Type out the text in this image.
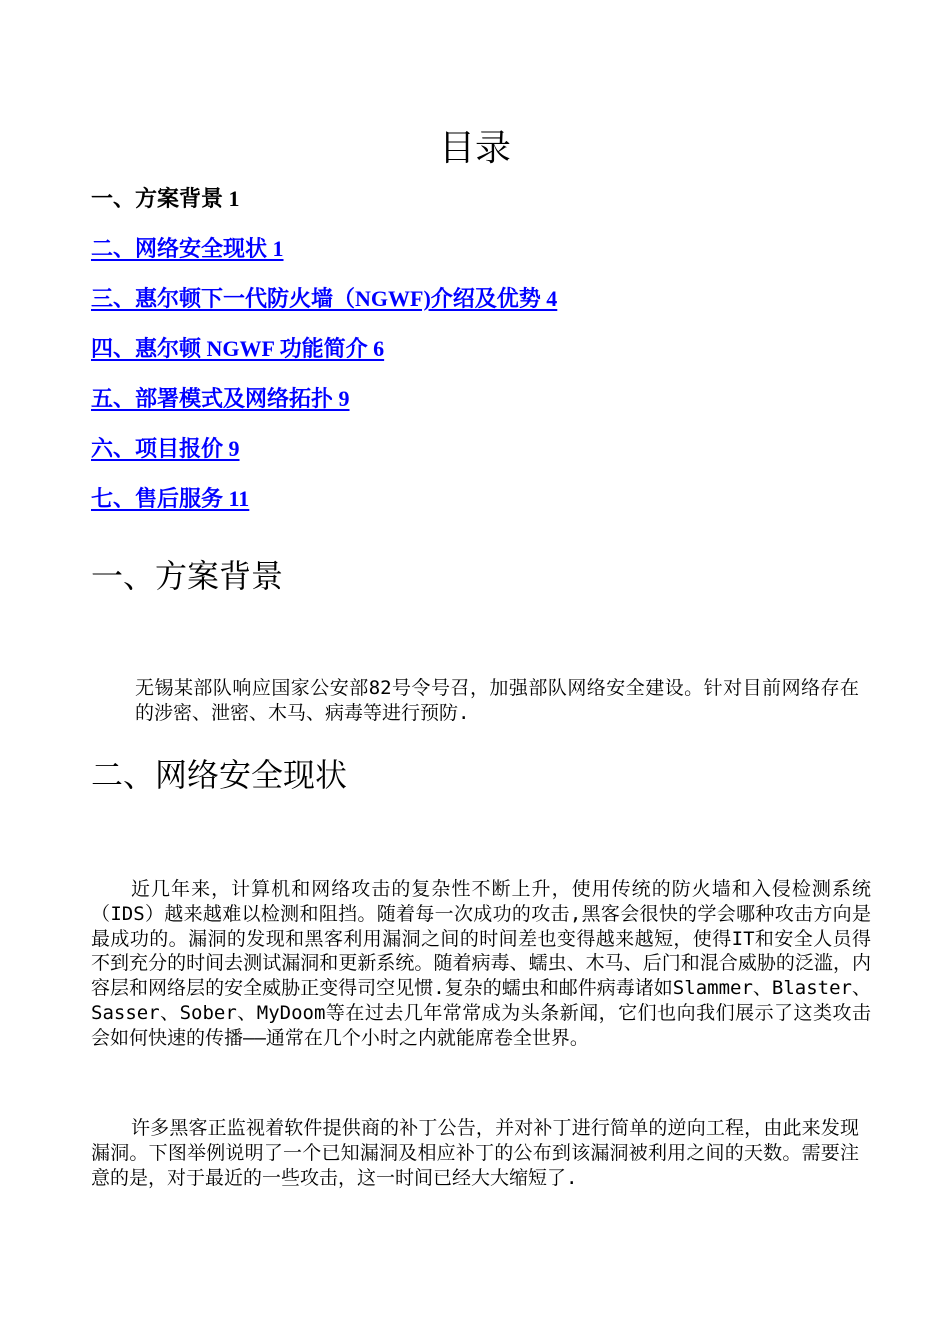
目录
一、方案背景 1
二、网络安全现状 1
三、惠尔顿下一代防火墙（NGWF)介绍及优势 4
四、惠尔顿 NGWF 功能简介 6
五、部署模式及网络拓扑 9
六、项目报价 9
七、售后服务 11
一、方案背景

无锡某部队响应国家公安部82号令号召，加强部队网络安全建设。针对目前网络存在的涉密、泄密、木马、病毒等进行预防.

二、网络安全现状

近几年来，计算机和网络攻击的复杂性不断上升，使用传统的防火墙和入侵检测系统（IDS）越来越难以检测和阻挡。随着每一次成功的攻击,黑客会很快的学会哪种攻击方向是最成功的。漏洞的发现和黑客利用漏洞之间的时间差也变得越来越短，使得IT和安全人员得不到充分的时间去测试漏洞和更新系统。随着病毒、蠕虫、木马、后门和混合威胁的泛滥，内容层和网络层的安全威胁正变得司空见惯.复杂的蠕虫和邮件病毒诸如Slammer、Blaster、Sasser、Sober、MyDoom等在过去几年常常成为头条新闻，它们也向我们展示了这类攻击会如何快速的传播——通常在几个小时之内就能席卷全世界。

许多黑客正监视着软件提供商的补丁公告，并对补丁进行简单的逆向工程，由此来发现漏洞。下图举例说明了一个已知漏洞及相应补丁的公布到该漏洞被利用之间的天数。需要注意的是，对于最近的一些攻击，这一时间已经大大缩短了.
